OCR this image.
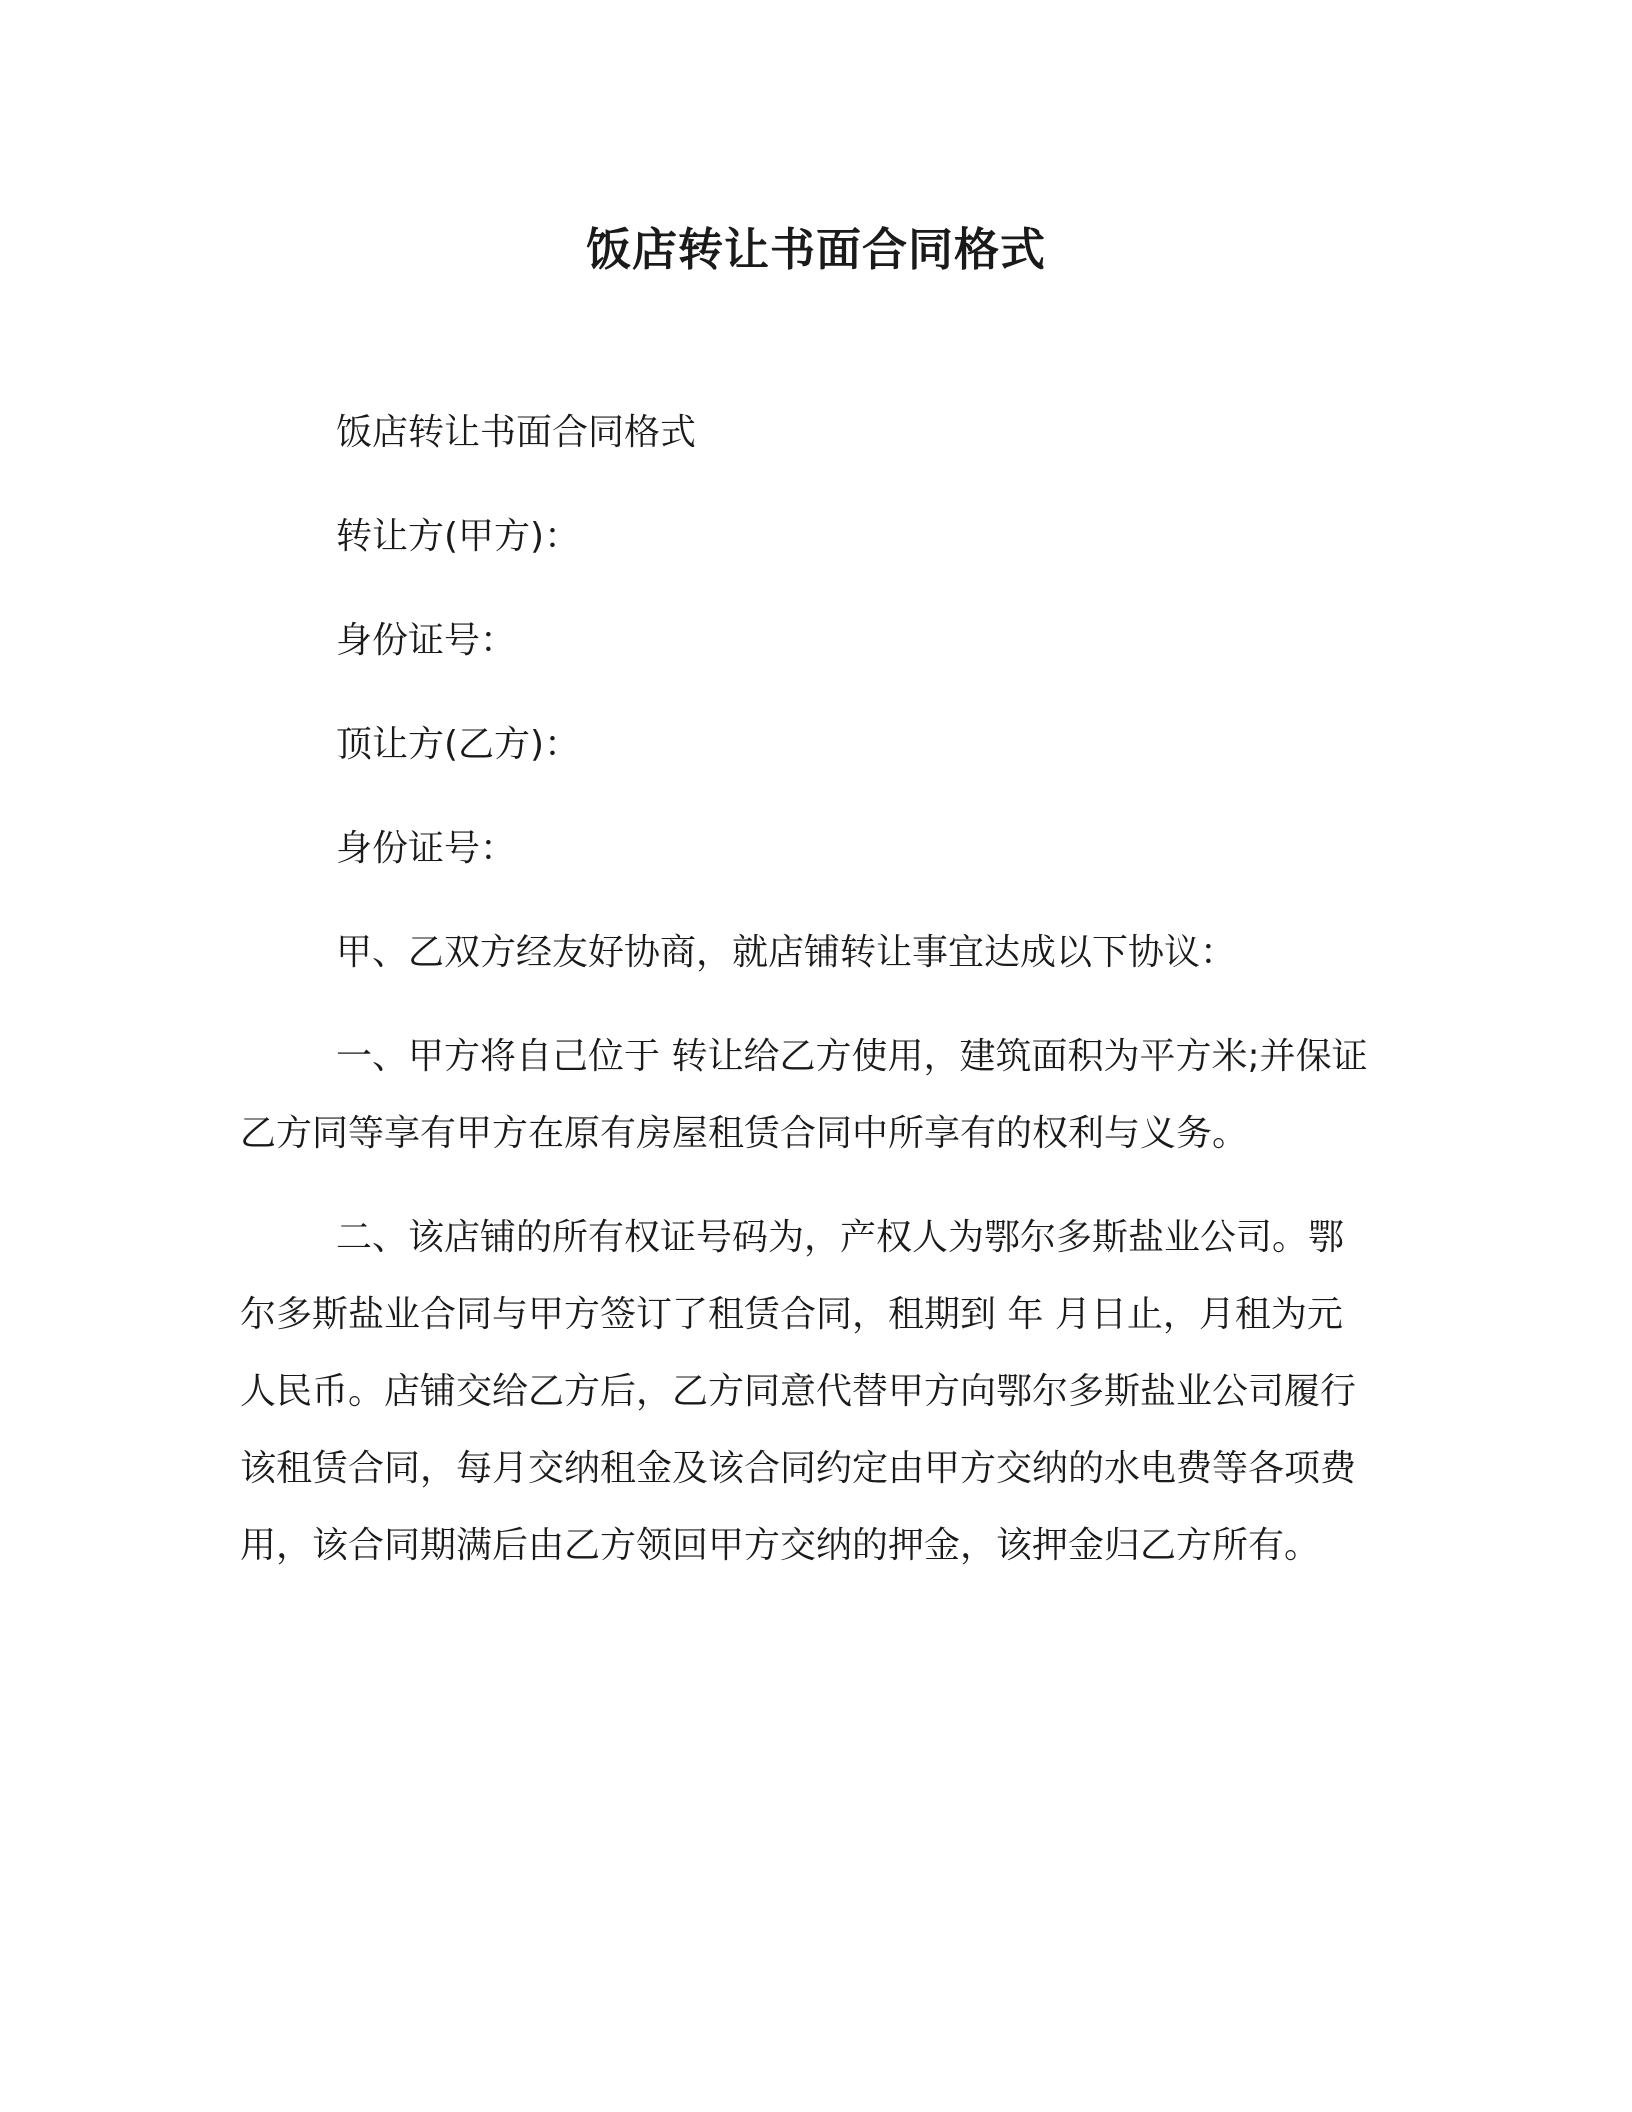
饭店转让书面合同格式

饭店转让书面合同格式

转让方(甲方)：

身份证号：

顶让方(乙方)：

身份证号：

甲、乙双方经友好协商，就店铺转让事宜达成以下协议：

一、甲方将自己位于 转让给乙方使用，建筑面积为平方米;并保证乙方同等享有甲方在原有房屋租赁合同中所享有的权利与义务。

二、该店铺的所有权证号码为，产权人为鄂尔多斯盐业公司。鄂尔多斯盐业合同与甲方签订了租赁合同，租期到 年 月日止，月租为元人民币。店铺交给乙方后，乙方同意代替甲方向鄂尔多斯盐业公司履行该租赁合同，每月交纳租金及该合同约定由甲方交纳的水电费等各项费用，该合同期满后由乙方领回甲方交纳的押金，该押金归乙方所有。
